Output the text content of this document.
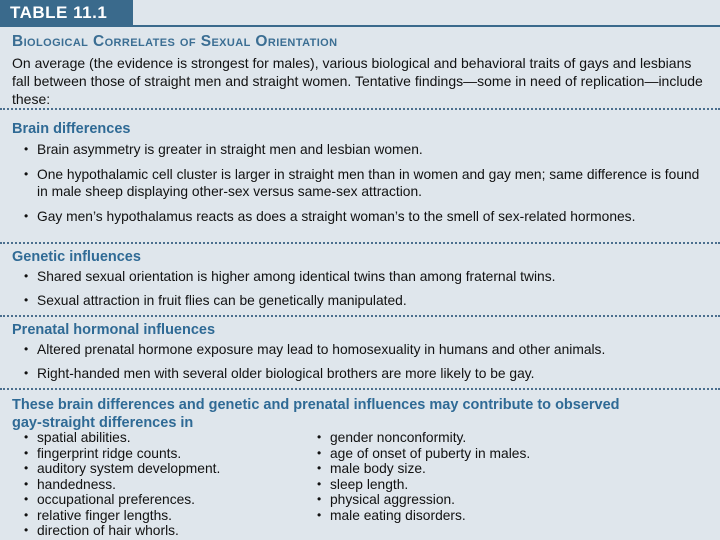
TABLE 11.1
Biological Correlates of Sexual Orientation
On average (the evidence is strongest for males), various biological and behavioral traits of gays and lesbians fall between those of straight men and straight women. Tentative findings—some in need of replication—include these:
Brain differences
• Brain asymmetry is greater in straight men and lesbian women.
• One hypothalamic cell cluster is larger in straight men than in women and gay men; same difference is found in male sheep displaying other-sex versus same-sex attraction.
• Gay men’s hypothalamus reacts as does a straight woman’s to the smell of sex-related hormones.
Genetic influences
• Shared sexual orientation is higher among identical twins than among fraternal twins.
• Sexual attraction in fruit flies can be genetically manipulated.
Prenatal hormonal influences
• Altered prenatal hormone exposure may lead to homosexuality in humans and other animals.
• Right-handed men with several older biological brothers are more likely to be gay.
These brain differences and genetic and prenatal influences may contribute to observed gay-straight differences in
• spatial abilities.
• fingerprint ridge counts.
• auditory system development.
• handedness.
• occupational preferences.
• relative finger lengths.
• direction of hair whorls.
• gender nonconformity.
• age of onset of puberty in males.
• male body size.
• sleep length.
• physical aggression.
• male eating disorders.
